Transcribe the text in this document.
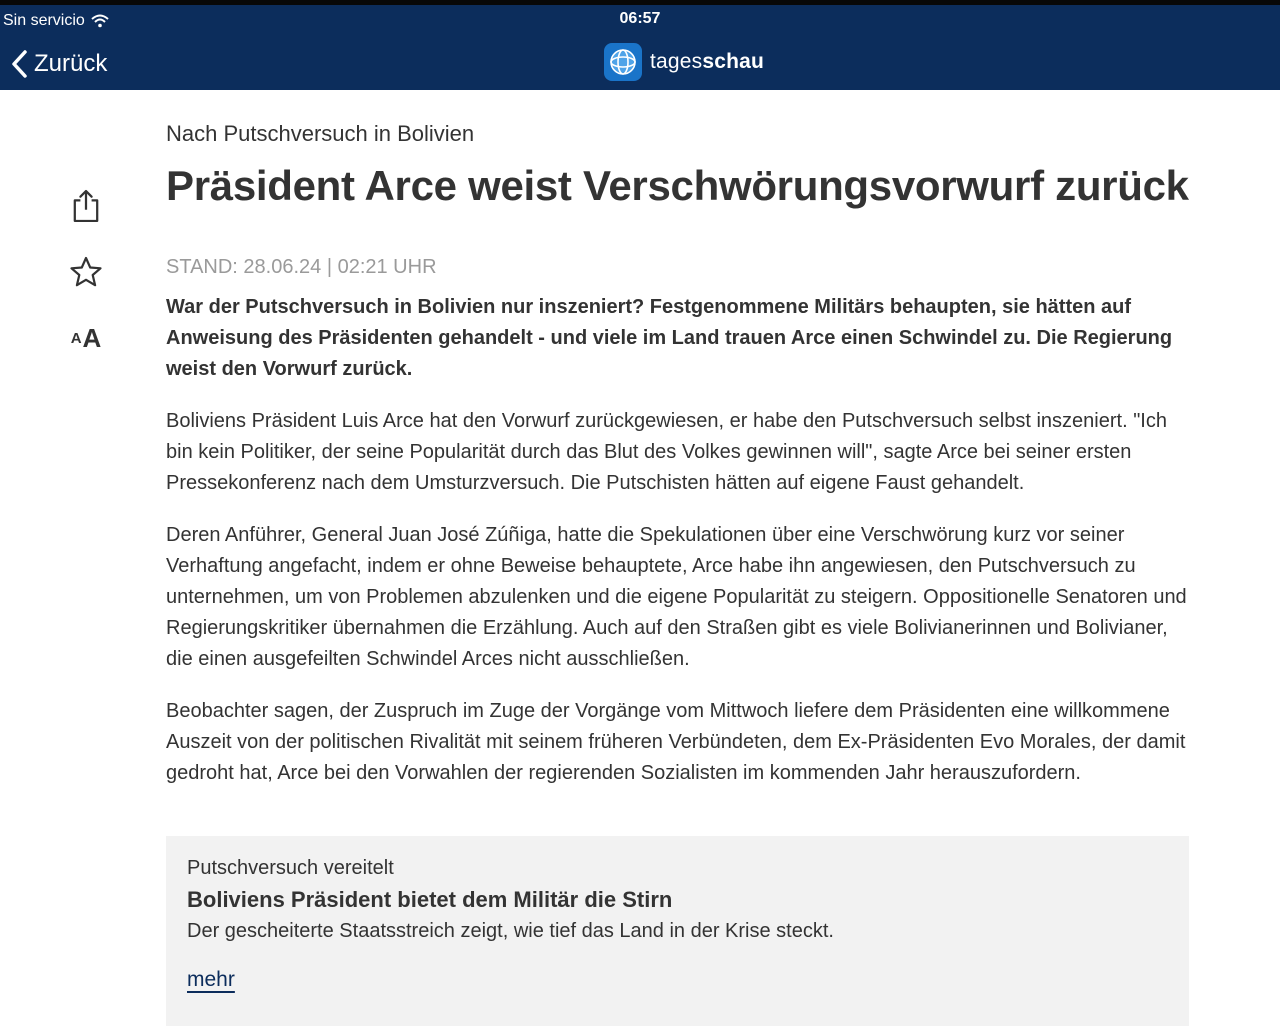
Sin servicio	06:57
Zurück	tagesschau
A A
Nach Putschversuch in Bolivien
Präsident Arce weist Verschwörungsvorwurf zurück
STAND: 28.06.24 | 02:21 UHR
War der Putschversuch in Bolivien nur inszeniert? Festgenommene Militärs behaupten, sie hätten auf Anweisung des Präsidenten gehandelt - und viele im Land trauen Arce einen Schwindel zu. Die Regierung weist den Vorwurf zurück.
Boliviens Präsident Luis Arce hat den Vorwurf zurückgewiesen, er habe den Putschversuch selbst inszeniert. "Ich bin kein Politiker, der seine Popularität durch das Blut des Volkes gewinnen will", sagte Arce bei seiner ersten Pressekonferenz nach dem Umsturzversuch. Die Putschisten hätten auf eigene Faust gehandelt.
Deren Anführer, General Juan José Zúñiga, hatte die Spekulationen über eine Verschwörung kurz vor seiner Verhaftung angefacht, indem er ohne Beweise behauptete, Arce habe ihn angewiesen, den Putschversuch zu unternehmen, um von Problemen abzulenken und die eigene Popularität zu steigern. Oppositionelle Senatoren und Regierungskritiker übernahmen die Erzählung. Auch auf den Straßen gibt es viele Bolivianerinnen und Bolivianer, die einen ausgefeilten Schwindel Arces nicht ausschließen.
Beobachter sagen, der Zuspruch im Zuge der Vorgänge vom Mittwoch liefere dem Präsidenten eine willkommene Auszeit von der politischen Rivalität mit seinem früheren Verbündeten, dem Ex-Präsidenten Evo Morales, der damit gedroht hat, Arce bei den Vorwahlen der regierenden Sozialisten im kommenden Jahr herauszufordern.
Putschversuch vereitelt
Boliviens Präsident bietet dem Militär die Stirn
Der gescheiterte Staatsstreich zeigt, wie tief das Land in der Krise steckt.
mehr
